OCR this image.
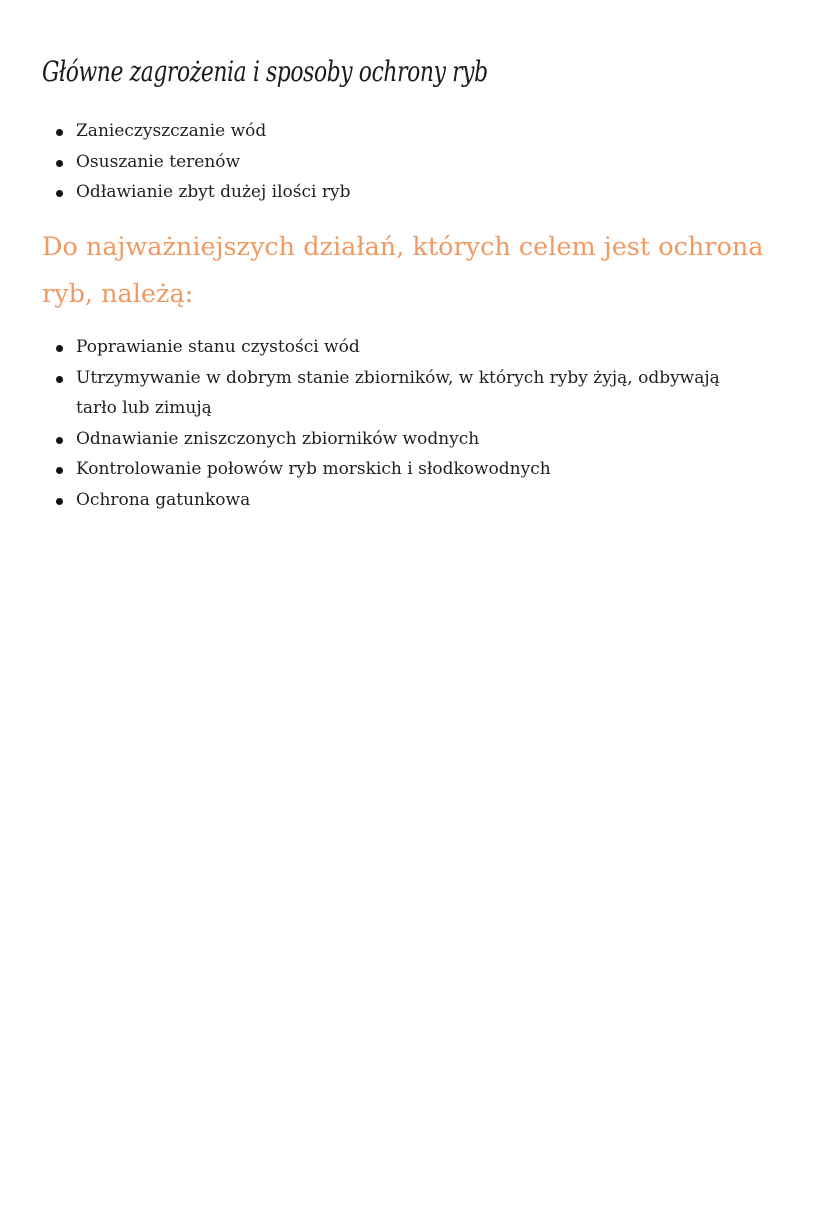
Główne zagrożenia i sposoby ochrony ryb
Zanieczyszczanie wód
Osuszanie terenów
Odławianie zbyt dużej ilości ryb
Do najważniejszych działań, których celem jest ochrona ryb, należą:
Poprawianie stanu czystości wód
Utrzymywanie w dobrym stanie zbiorników, w których ryby żyją, odbywają tarło lub zimują
Odnawianie zniszczonych zbiorników wodnych
Kontrolowanie połowów ryb morskich i słodkowodnych
Ochrona gatunkowa
